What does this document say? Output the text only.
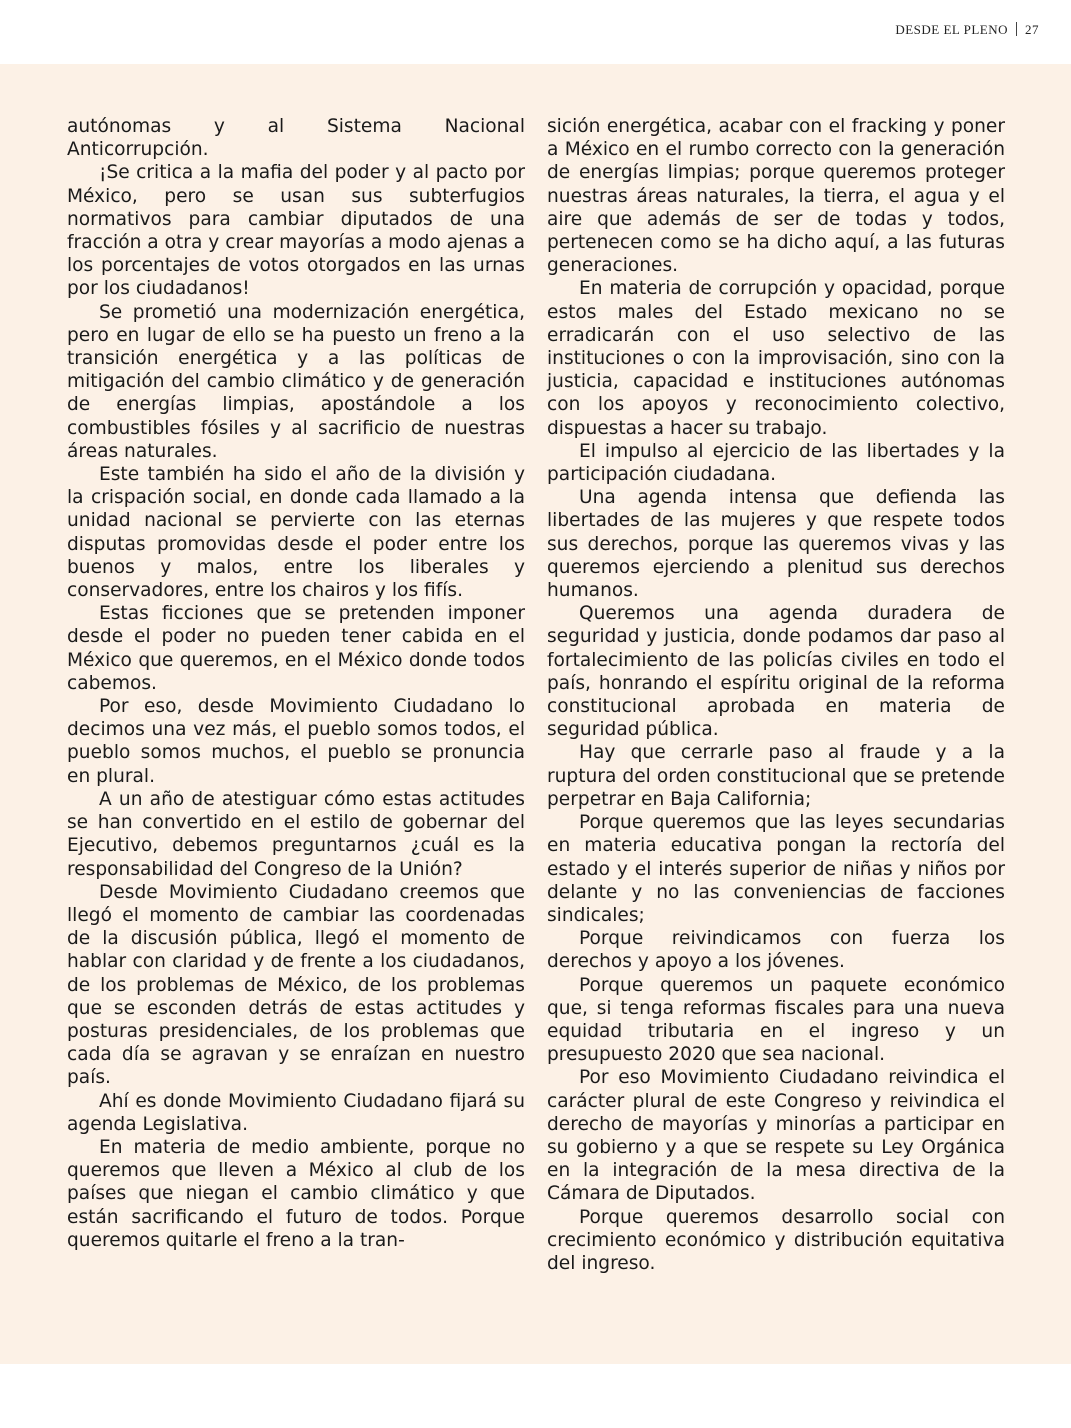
DESDE EL PLENO 27

autónomas y al Sistema Nacional Anticorrupción.

¡Se critica a la mafia del poder y al pacto por México, pero se usan sus subterfugios normativos para cambiar diputados de una fracción a otra y crear mayorías a modo ajenas a los porcentajes de votos otorgados en las urnas por los ciudadanos!

Se prometió una modernización energética, pero en lugar de ello se ha puesto un freno a la transición energética y a las políticas de mitigación del cambio climático y de generación de energías limpias, apostándole a los combustibles fósiles y al sacrificio de nuestras áreas naturales.

Este también ha sido el año de la división y la crispación social, en donde cada llamado a la unidad nacional se pervierte con las eternas disputas promovidas desde el poder entre los buenos y malos, entre los liberales y conservadores, entre los chairos y los fifís.

Estas ficciones que se pretenden imponer desde el poder no pueden tener cabida en el México que queremos, en el México donde todos cabemos.

Por eso, desde Movimiento Ciudadano lo decimos una vez más, el pueblo somos todos, el pueblo somos muchos, el pueblo se pronuncia en plural.

A un año de atestiguar cómo estas actitudes se han convertido en el estilo de gobernar del Ejecutivo, debemos preguntarnos ¿cuál es la responsabilidad del Congreso de la Unión?

Desde Movimiento Ciudadano creemos que llegó el momento de cambiar las coordenadas de la discusión pública, llegó el momento de hablar con claridad y de frente a los ciudadanos, de los problemas de México, de los problemas que se esconden detrás de estas actitudes y posturas presidenciales, de los problemas que cada día se agravan y se enraízan en nuestro país.

Ahí es donde Movimiento Ciudadano fijará su agenda Legislativa.

En materia de medio ambiente, porque no queremos que lleven a México al club de los países que niegan el cambio climático y que están sacrificando el futuro de todos. Porque queremos quitarle el freno a la tran-

sición energética, acabar con el fracking y poner a México en el rumbo correcto con la generación de energías limpias; porque queremos proteger nuestras áreas naturales, la tierra, el agua y el aire que además de ser de todas y todos, pertenecen como se ha dicho aquí, a las futuras generaciones.

En materia de corrupción y opacidad, porque estos males del Estado mexicano no se erradicarán con el uso selectivo de las instituciones o con la improvisación, sino con la justicia, capacidad e instituciones autónomas con los apoyos y reconocimiento colectivo, dispuestas a hacer su trabajo.

El impulso al ejercicio de las libertades y la participación ciudadana.

Una agenda intensa que defienda las libertades de las mujeres y que respete todos sus derechos, porque las queremos vivas y las queremos ejerciendo a plenitud sus derechos humanos.

Queremos una agenda duradera de seguridad y justicia, donde podamos dar paso al fortalecimiento de las policías civiles en todo el país, honrando el espíritu original de la reforma constitucional aprobada en materia de seguridad pública.

Hay que cerrarle paso al fraude y a la ruptura del orden constitucional que se pretende perpetrar en Baja California;

Porque queremos que las leyes secundarias en materia educativa pongan la rectoría del estado y el interés superior de niñas y niños por delante y no las conveniencias de facciones sindicales;

Porque reivindicamos con fuerza los derechos y apoyo a los jóvenes.

Porque queremos un paquete económico que, si tenga reformas fiscales para una nueva equidad tributaria en el ingreso y un presupuesto 2020 que sea nacional.

Por eso Movimiento Ciudadano reivindica el carácter plural de este Congreso y reivindica el derecho de mayorías y minorías a participar en su gobierno y a que se respete su Ley Orgánica en la integración de la mesa directiva de la Cámara de Diputados.

Porque queremos desarrollo social con crecimiento económico y distribución equitativa del ingreso.
